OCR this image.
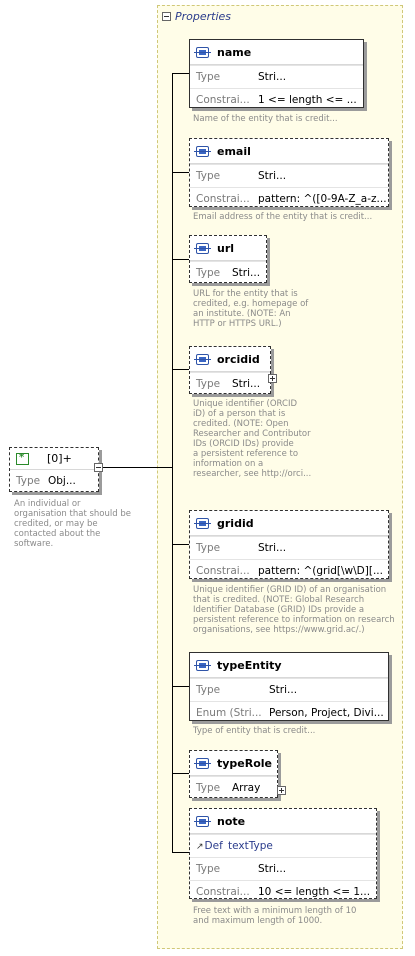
Properties
*
[0]+
Type Obj...
An individual or
organisation that should be
credited, or may be
contacted about the
software.
name
Type	Stri...
Constrai... 1 <= length <= ...
Name of the entity that is credit...
email
Type	Stri...
Constrai... pattern: ^([0-9A-Z_a-z...
Email address of the entity that is credit...
url
Type	Stri...
URL for the entity that is
credited, e.g. homepage of
an institute. (NOTE: An
HTTP or HTTPS URL.)
orcidid
Type	Stri...
Unique identifier (ORCID
iD) of a person that is
credited. (NOTE: Open
Researcher and Contributor
IDs (ORCID IDs) provide
a persistent reference to
information on a
researcher, see http://orci...
gridid
Type	Stri...
Constrai... pattern: ^(grid[\w\D][...
Unique identifier (GRID ID) of an organisation
that is credited. (NOTE: Global Research
Identifier Database (GRID) IDs provide a
persistent reference to information on research
organisations, see https://www.grid.ac/.)
typeEntity
Type	Stri...
Enum (Stri... Person, Project, Divi...
Type of entity that is credit...
typeRole
Type	Array
note
↗Def textType
Type	Stri...
Constrai... 10 <= length <= 1...
Free text with a minimum length of 10
and maximum length of 1000.
